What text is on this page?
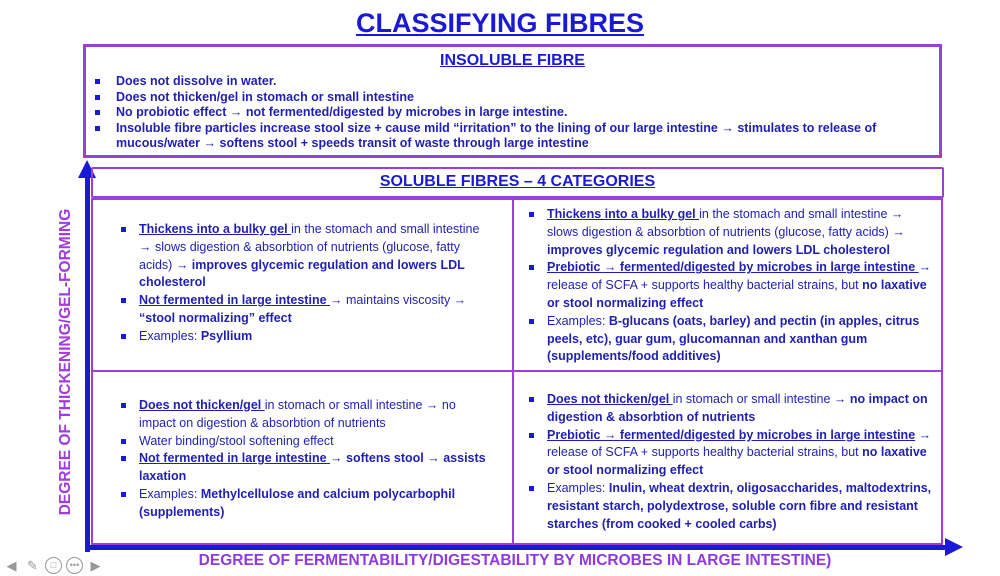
CLASSIFYING FIBRES
INSOLUBLE FIBRE
Does not dissolve in water.
Does not thicken/gel in stomach or small intestine
No probiotic effect → not fermented/digested by microbes in large intestine.
Insoluble fibre particles increase stool size + cause mild “irritation” to the lining of our large intestine → stimulates to release of mucous/water → softens stool + speeds transit of waste through large intestine
DEGREE OF THICKENING/GEL-FORMING
DEGREE OF FERMENTABILITY/DIGESTABILITY BY MICROBES IN LARGE INTESTINE)
SOLUBLE FIBRES – 4 CATEGORIES
Thickens into a bulky gel in the stomach and small intestine → slows digestion & absorbtion of nutrients (glucose, fatty acids) → improves glycemic regulation and lowers LDL cholesterol
Not fermented in large intestine → maintains viscosity → “stool normalizing” effect
Examples: Psyllium
Thickens into a bulky gel in the stomach and small intestine → slows digestion & absorbtion of nutrients (glucose, fatty acids) → improves glycemic regulation and lowers LDL cholesterol
Prebiotic → fermented/digested by microbes in large intestine → release of SCFA + supports healthy bacterial strains, but no laxative or stool normalizing effect
Examples: B-glucans (oats, barley) and pectin (in apples, citrus peels, etc), guar gum, glucomannan and xanthan gum (supplements/food additives)
Does not thicken/gel in stomach or small intestine → no impact on digestion & absorbtion of nutrients
Water binding/stool softening effect
Not fermented in large intestine → softens stool → assists laxation
Examples: Methylcellulose and calcium polycarbophil (supplements)
Does not thicken/gel in stomach or small intestine → no impact on digestion & absorbtion of nutrients
Prebiotic → fermented/digested by microbes in large intestine → release of SCFA + supports healthy bacterial strains, but no laxative or stool normalizing effect
Examples: Inulin, wheat dextrin, oligosaccharides, maltodextrins, resistant starch, polydextrose, soluble corn fibre and resistant starches (from cooked + cooled carbs)
◀ ✎	□	••• ▶
